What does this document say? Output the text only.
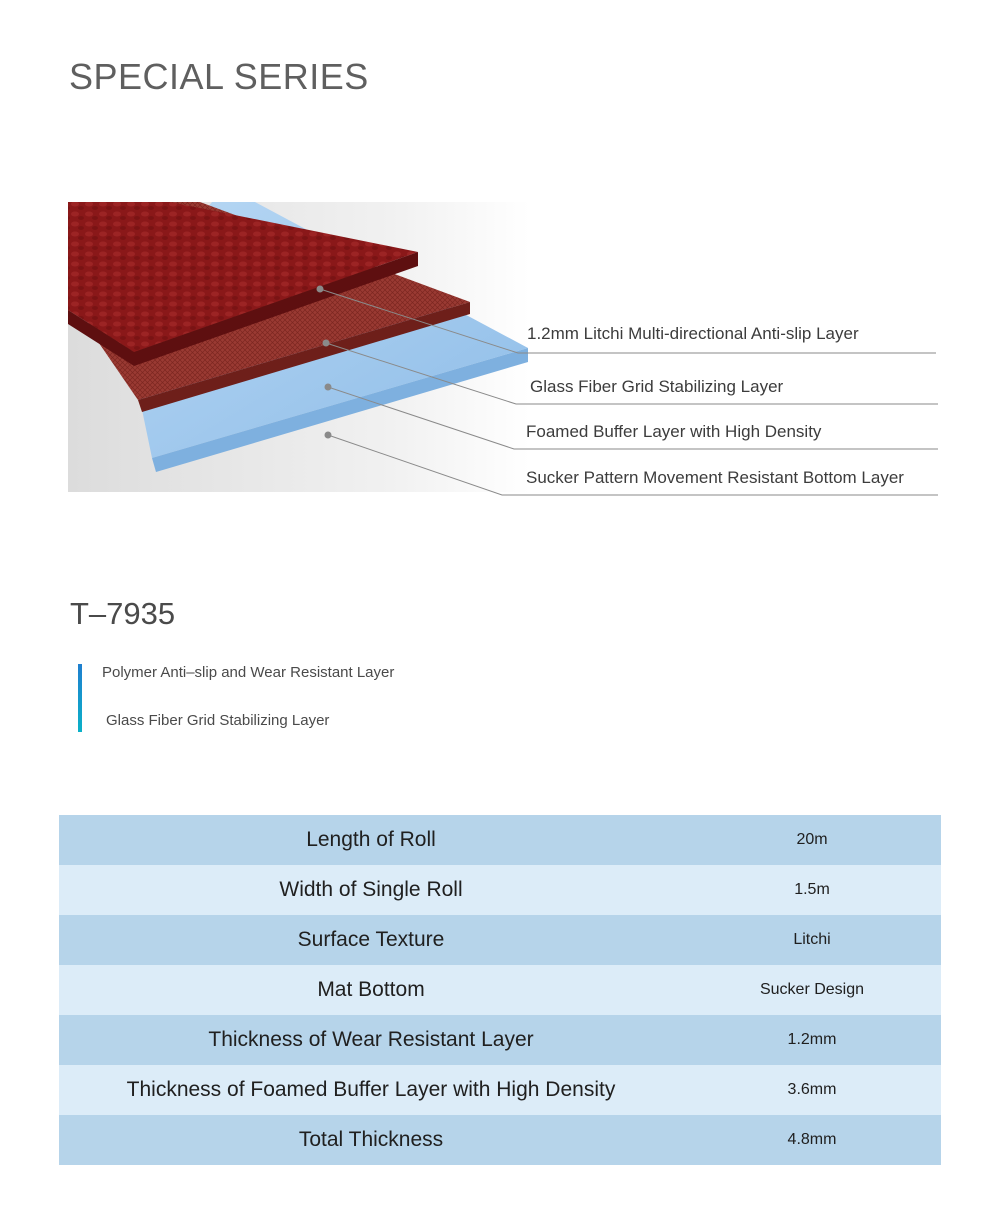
SPECIAL SERIES
1.2mm Litchi Multi-directional Anti-slip Layer
Glass Fiber Grid Stabilizing Layer
Foamed Buffer Layer with High Density
Sucker Pattern Movement Resistant Bottom Layer
T–7935
Polymer Anti–slip and Wear Resistant Layer
Glass Fiber Grid Stabilizing Layer
Length of Roll	20m
Width of Single Roll	1.5m
Surface Texture	Litchi
Mat Bottom	Sucker Design
Thickness of Wear Resistant Layer	1.2mm
Thickness of Foamed Buffer Layer with High Density	3.6mm
Total Thickness	4.8mm
